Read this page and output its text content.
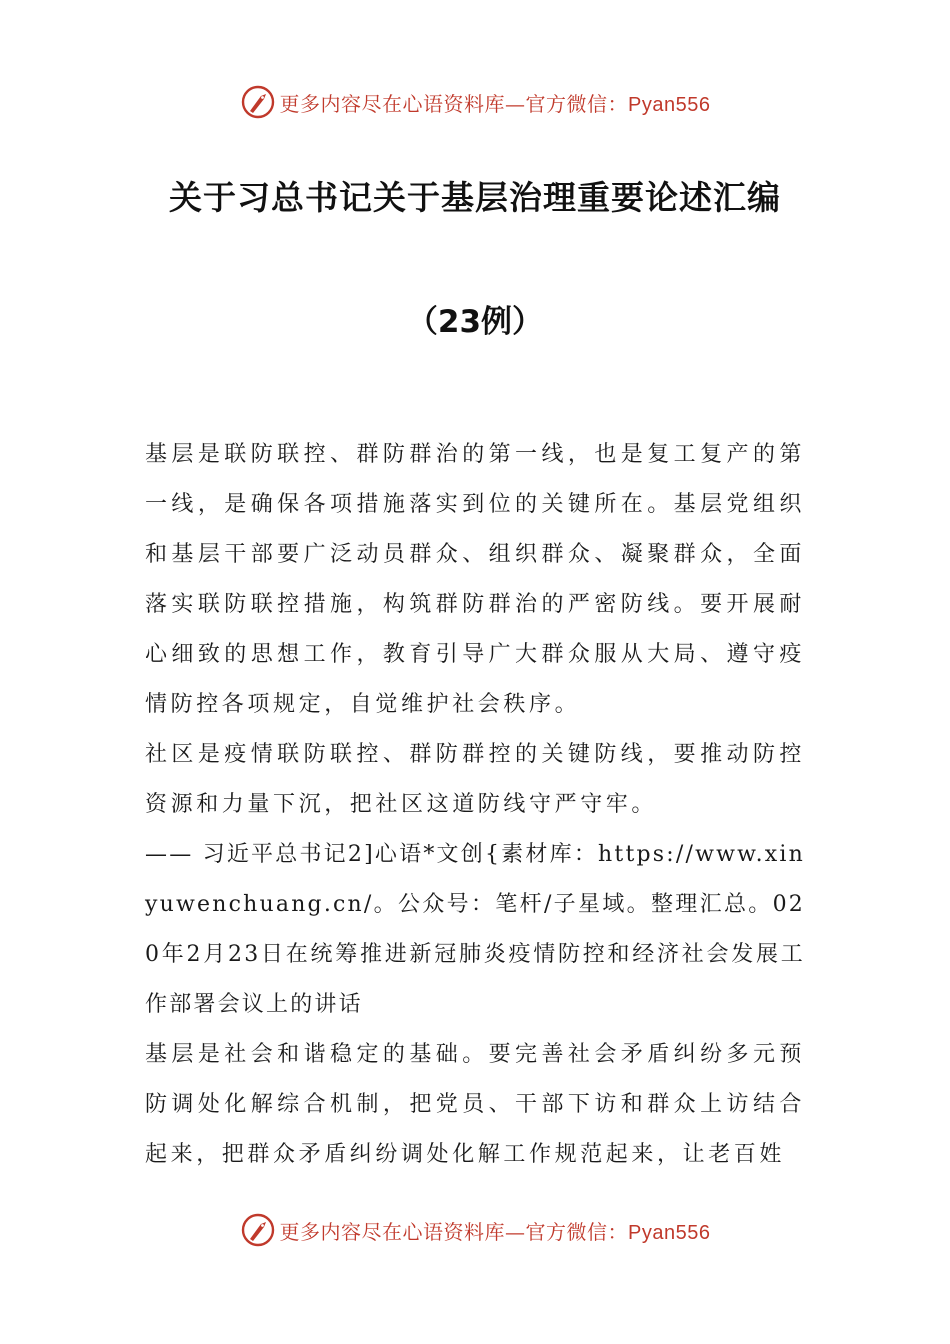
更多内容尽在心语资料库—官方微信：Pyan556
关于习总书记关于基层治理重要论述汇编
（23例）

基层是联防联控、群防群治的第一线，也是复工复产的第一线，是确保各项措施落实到位的关键所在。基层党组织和基层干部要广泛动员群众、组织群众、凝聚群众，全面落实联防联控措施，构筑群防群治的严密防线。要开展耐心细致的思想工作，教育引导广大群众服从大局、遵守疫情防控各项规定，自觉维护社会秩序。

社区是疫情联防联控、群防群控的关键防线，要推动防控资源和力量下沉，把社区这道防线守严守牢。

—— 习近平总书记2]心语*文创{素材库：https://www.xinyuwenchuang.cn/。公众号：笔杆/子星域。整理汇总。020年2月23日在统筹推进新冠肺炎疫情防控和经济社会发展工作部署会议上的讲话

基层是社会和谐稳定的基础。要完善社会矛盾纠纷多元预防调处化解综合机制，把党员、干部下访和群众上访结合起来，把群众矛盾纠纷调处化解工作规范起来，让老百姓

更多内容尽在心语资料库—官方微信：Pyan556
